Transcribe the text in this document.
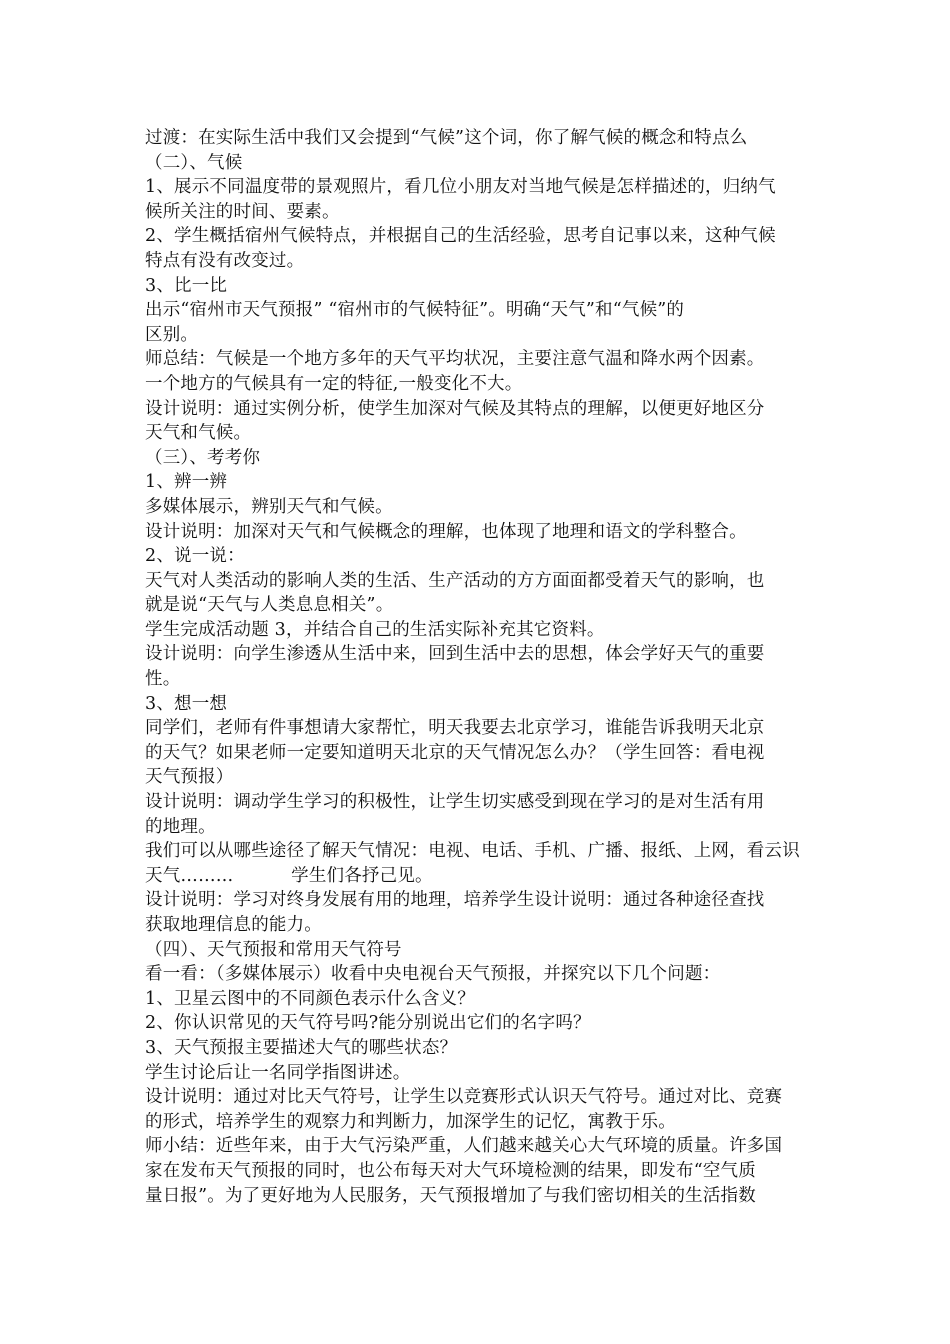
过渡：在实际生活中我们又会提到“气候”这个词，你了解气候的概念和特点么

（二）、气候

1、展示不同温度带的景观照片，看几位小朋友对当地气候是怎样描述的，归纳气

候所关注的时间、要素。

2、学生概括宿州气候特点，并根据自己的生活经验，思考自记事以来，这种气候

特点有没有改变过。

3、比一比

出示“宿州市天气预报” “宿州市的气候特征”。明确“天气”和“气候”的

区别。

师总结：气候是一个地方多年的天气平均状况，主要注意气温和降水两个因素。

一个地方的气候具有一定的特征,一般变化不大。

设计说明：通过实例分析，使学生加深对气候及其特点的理解，以便更好地区分

天气和气候。

（三）、考考你

1、辨一辨

多媒体展示，辨别天气和气候。

设计说明：加深对天气和气候概念的理解，也体现了地理和语文的学科整合。

2、说一说：

天气对人类活动的影响人类的生活、生产活动的方方面面都受着天气的影响，也

就是说“天气与人类息息相关”。

学生完成活动题 3，并结合自己的生活实际补充其它资料。

设计说明：向学生渗透从生活中来，回到生活中去的思想，体会学好天气的重要

性。

3、想一想

同学们，老师有件事想请大家帮忙，明天我要去北京学习，谁能告诉我明天北京

的天气？如果老师一定要知道明天北京的天气情况怎么办？（学生回答：看电视

天气预报）

设计说明：调动学生学习的积极性，让学生切实感受到现在学习的是对生活有用

的地理。

我们可以从哪些途径了解天气情况：电视、电话、手机、广播、报纸、上网，看云识

天气………          学生们各抒己见。

设计说明：学习对终身发展有用的地理，培养学生设计说明：通过各种途径查找

获取地理信息的能力。

（四）、天气预报和常用天气符号

看一看：（多媒体展示）收看中央电视台天气预报，并探究以下几个问题：

1、卫星云图中的不同颜色表示什么含义？

2、你认识常见的天气符号吗?能分别说出它们的名字吗？

3、天气预报主要描述大气的哪些状态？

学生讨论后让一名同学指图讲述。

设计说明：通过对比天气符号，让学生以竞赛形式认识天气符号。通过对比、竞赛

的形式，培养学生的观察力和判断力，加深学生的记忆，寓教于乐。

师小结：近些年来，由于大气污染严重，人们越来越关心大气环境的质量。许多国

家在发布天气预报的同时，也公布每天对大气环境检测的结果，即发布“空气质

量日报”。为了更好地为人民服务，天气预报增加了与我们密切相关的生活指数
